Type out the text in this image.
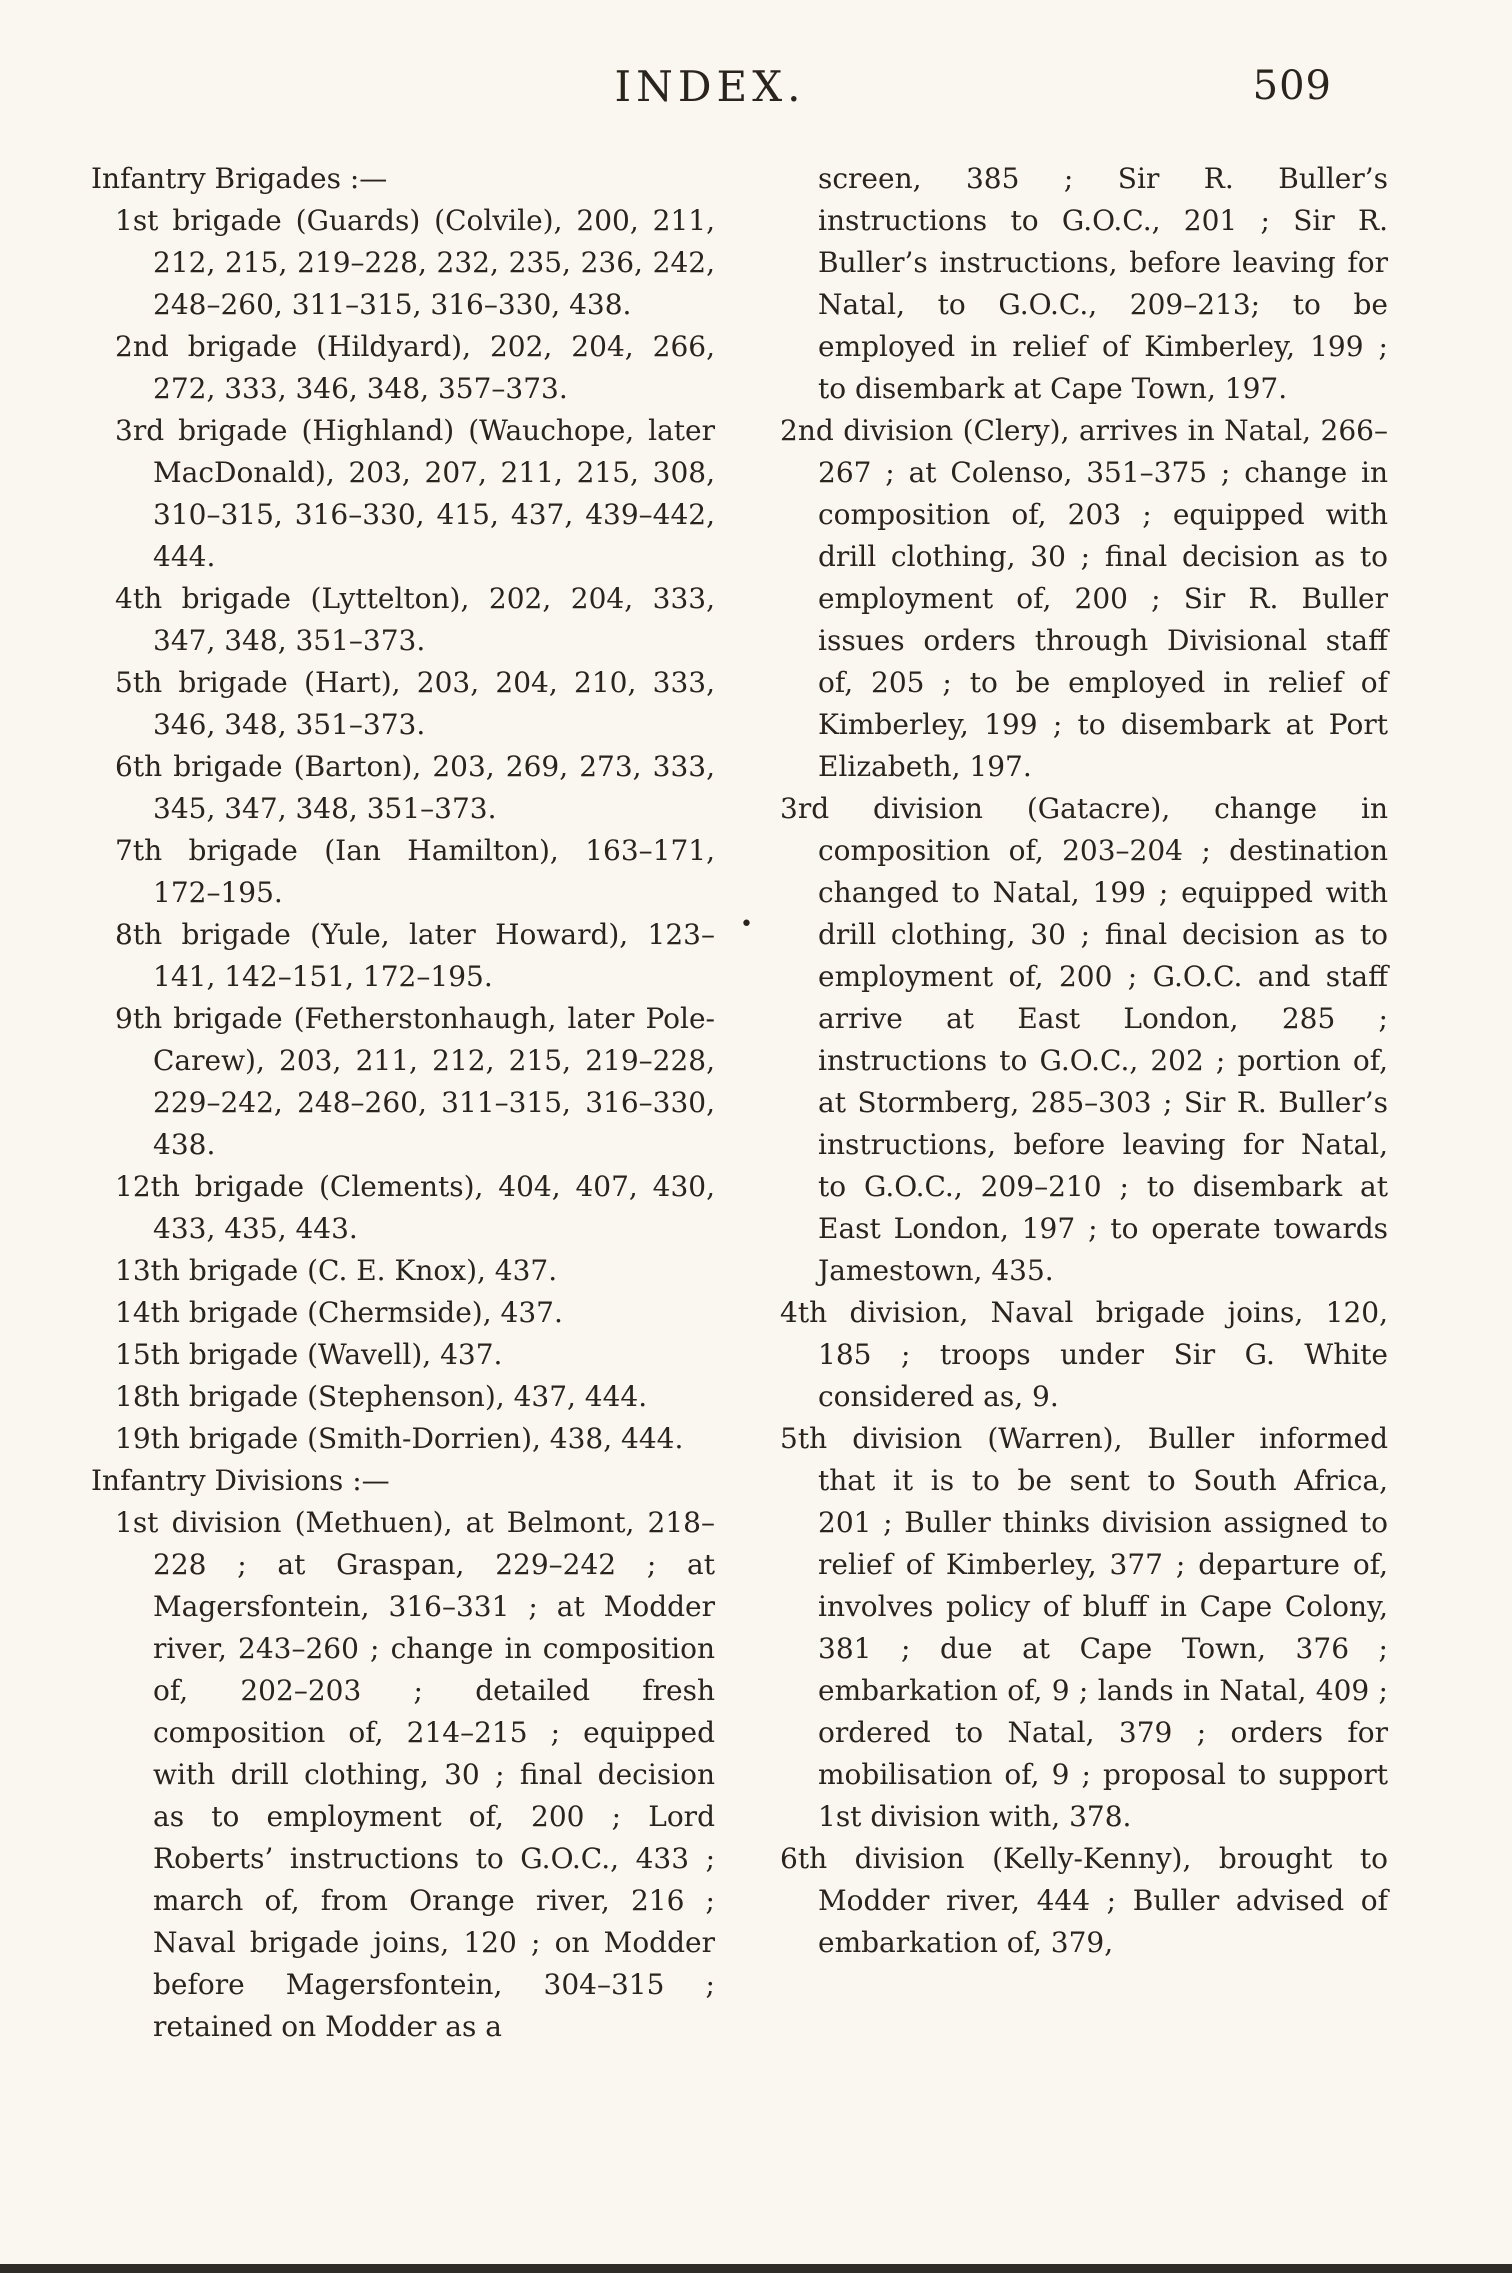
INDEX.	509

Infantry Brigades :—

1st brigade (Guards) (Colvile), 200, 211, 212, 215, 219–228, 232, 235, 236, 242, 248–260, 311–315, 316–330, 438.

2nd brigade (Hildyard), 202, 204, 266, 272, 333, 346, 348, 357–373.

3rd brigade (Highland) (Wauchope, later MacDonald), 203, 207, 211, 215, 308, 310–315, 316–330, 415, 437, 439–442, 444.

4th brigade (Lyttelton), 202, 204, 333, 347, 348, 351–373.

5th brigade (Hart), 203, 204, 210, 333, 346, 348, 351–373.

6th brigade (Barton), 203, 269, 273, 333, 345, 347, 348, 351–373.

7th brigade (Ian Hamilton), 163–171, 172–195.

8th brigade (Yule, later Howard), 123–141, 142–151, 172–195.

9th brigade (Fetherstonhaugh, later Pole-Carew), 203, 211, 212, 215, 219–228, 229–242, 248–260, 311–315, 316–330, 438.

12th brigade (Clements), 404, 407, 430, 433, 435, 443.

13th brigade (C. E. Knox), 437.

14th brigade (Chermside), 437.

15th brigade (Wavell), 437.

18th brigade (Stephenson), 437, 444.

19th brigade (Smith-Dorrien), 438, 444.

Infantry Divisions :—

1st division (Methuen), at Belmont, 218–228 ; at Graspan, 229–242 ; at Magersfontein, 316–331 ; at Modder river, 243–260 ; change in composition of, 202–203 ; detailed fresh composition of, 214–215 ; equipped with drill clothing, 30 ; final decision as to employment of, 200 ; Lord Roberts’ instructions to G.O.C., 433 ; march of, from Orange river, 216 ; Naval brigade joins, 120 ; on Modder before Magersfontein, 304–315 ; retained on Modder as a

screen, 385 ; Sir R. Buller’s instructions to G.O.C., 201 ; Sir R. Buller’s instructions, before leaving for Natal, to G.O.C., 209–213; to be employed in relief of Kimberley, 199 ; to disembark at Cape Town, 197.

2nd division (Clery), arrives in Natal, 266–267 ; at Colenso, 351–375 ; change in composition of, 203 ; equipped with drill clothing, 30 ; final decision as to employment of, 200 ; Sir R. Buller issues orders through Divisional staff of, 205 ; to be employed in relief of Kimberley, 199 ; to disembark at Port Elizabeth, 197.

3rd division (Gatacre), change in composition of, 203–204 ; destination changed to Natal, 199 ; equipped with drill clothing, 30 ; final decision as to employment of, 200 ; G.O.C. and staff arrive at East London, 285 ; instructions to G.O.C., 202 ; portion of, at Stormberg, 285–303 ; Sir R. Buller’s instructions, before leaving for Natal, to G.O.C., 209–210 ; to disembark at East London, 197 ; to operate towards Jamestown, 435.

4th division, Naval brigade joins, 120, 185 ; troops under Sir G. White considered as, 9.

5th division (Warren), Buller informed that it is to be sent to South Africa, 201 ; Buller thinks division assigned to relief of Kimberley, 377 ; departure of, involves policy of bluff in Cape Colony, 381 ; due at Cape Town, 376 ; embarkation of, 9 ; lands in Natal, 409 ; ordered to Natal, 379 ; orders for mobilisation of, 9 ; proposal to support 1st division with, 378.

6th division (Kelly-Kenny), brought to Modder river, 444 ; Buller advised of embarkation of, 379,

•
